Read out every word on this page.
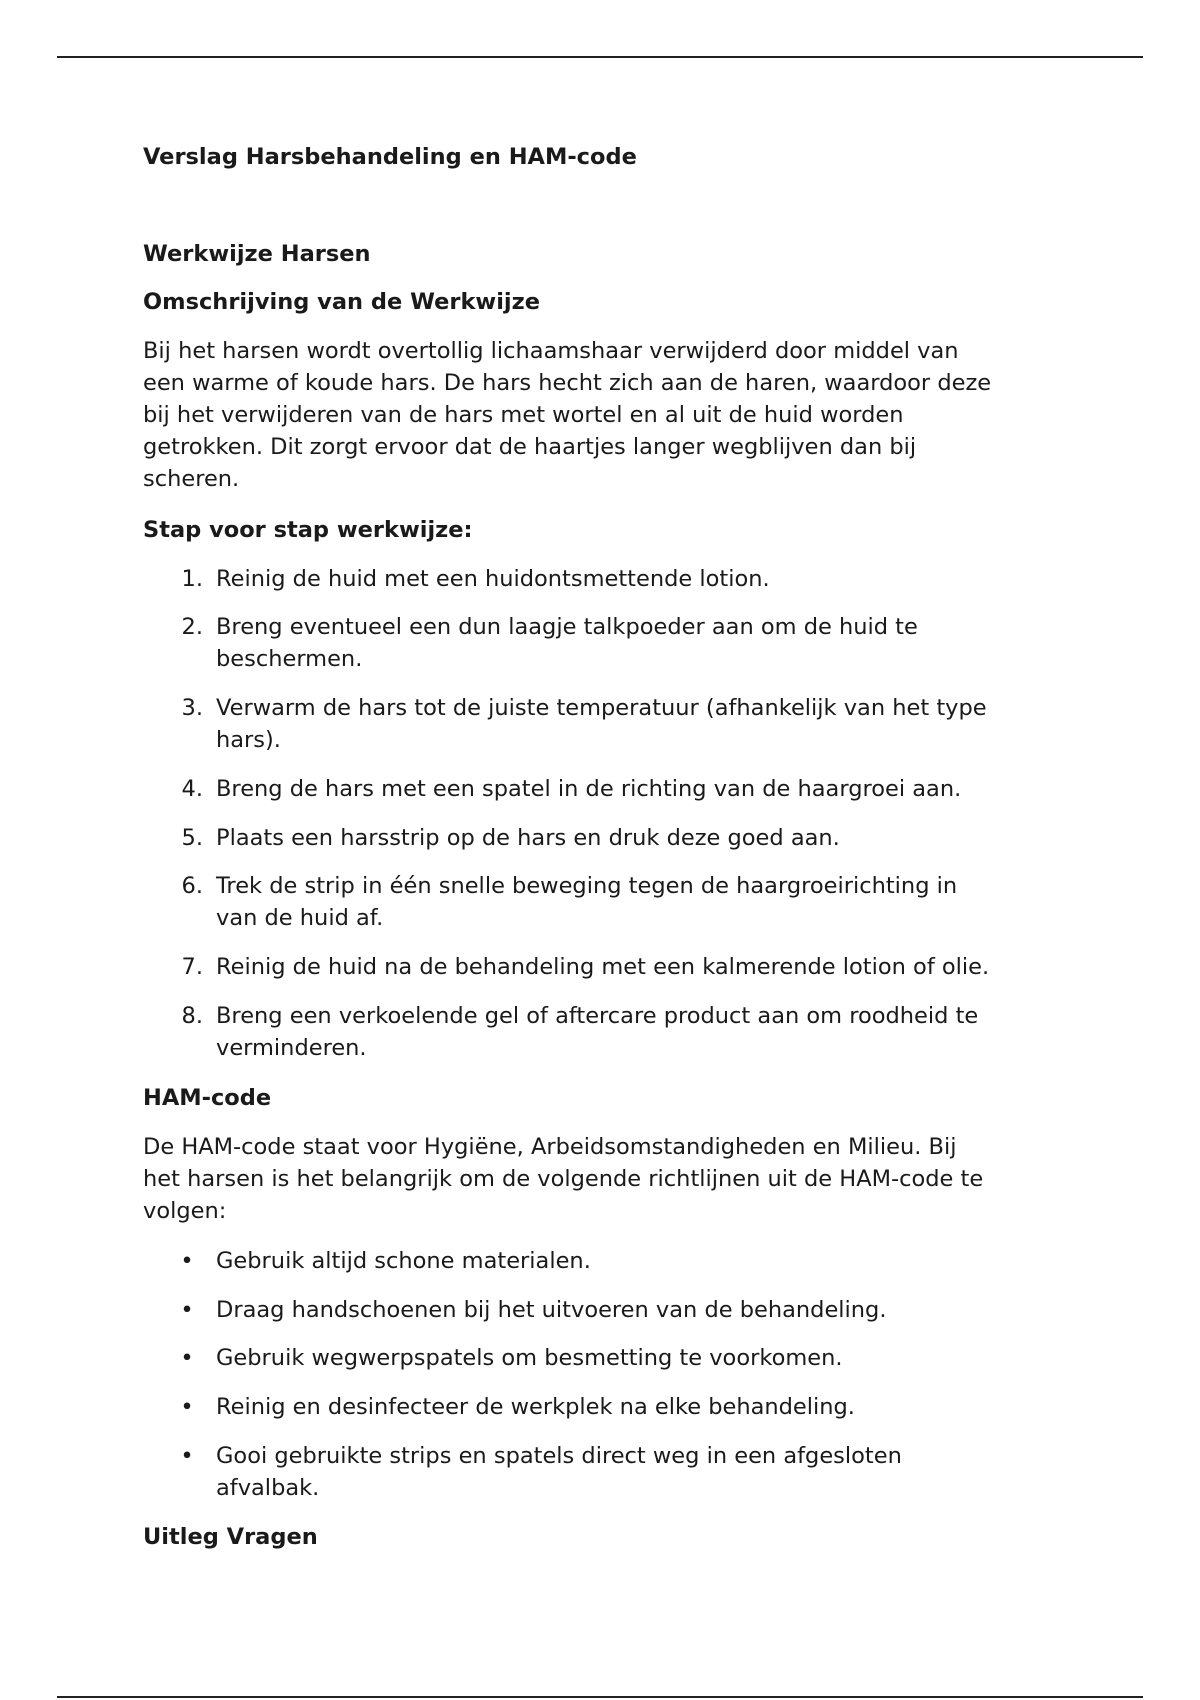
Verslag Harsbehandeling en HAM-code
Werkwijze Harsen
Omschrijving van de Werkwijze

Bij het harsen wordt overtollig lichaamshaar verwijderd door middel van
een warme of koude hars. De hars hecht zich aan de haren, waardoor deze
bij het verwijderen van de hars met wortel en al uit de huid worden
getrokken. Dit zorgt ervoor dat de haartjes langer wegblijven dan bij
scheren.

Stap voor stap werkwijze:
1. Reinig de huid met een huidontsmettende lotion.
2. Breng eventueel een dun laagje talkpoeder aan om de huid te
beschermen.
3. Verwarm de hars tot de juiste temperatuur (afhankelijk van het type
hars).
4. Breng de hars met een spatel in de richting van de haargroei aan.
5. Plaats een harsstrip op de hars en druk deze goed aan.
6. Trek de strip in één snelle beweging tegen de haargroeirichting in
van de huid af.
7. Reinig de huid na de behandeling met een kalmerende lotion of olie.
8. Breng een verkoelende gel of aftercare product aan om roodheid te
verminderen.
HAM-code

De HAM-code staat voor Hygiëne, Arbeidsomstandigheden en Milieu. Bij
het harsen is het belangrijk om de volgende richtlijnen uit de HAM-code te
volgen:

• Gebruik altijd schone materialen.
• Draag handschoenen bij het uitvoeren van de behandeling.
• Gebruik wegwerpspatels om besmetting te voorkomen.
• Reinig en desinfecteer de werkplek na elke behandeling.
• Gooi gebruikte strips en spatels direct weg in een afgesloten
afvalbak.
Uitleg Vragen
